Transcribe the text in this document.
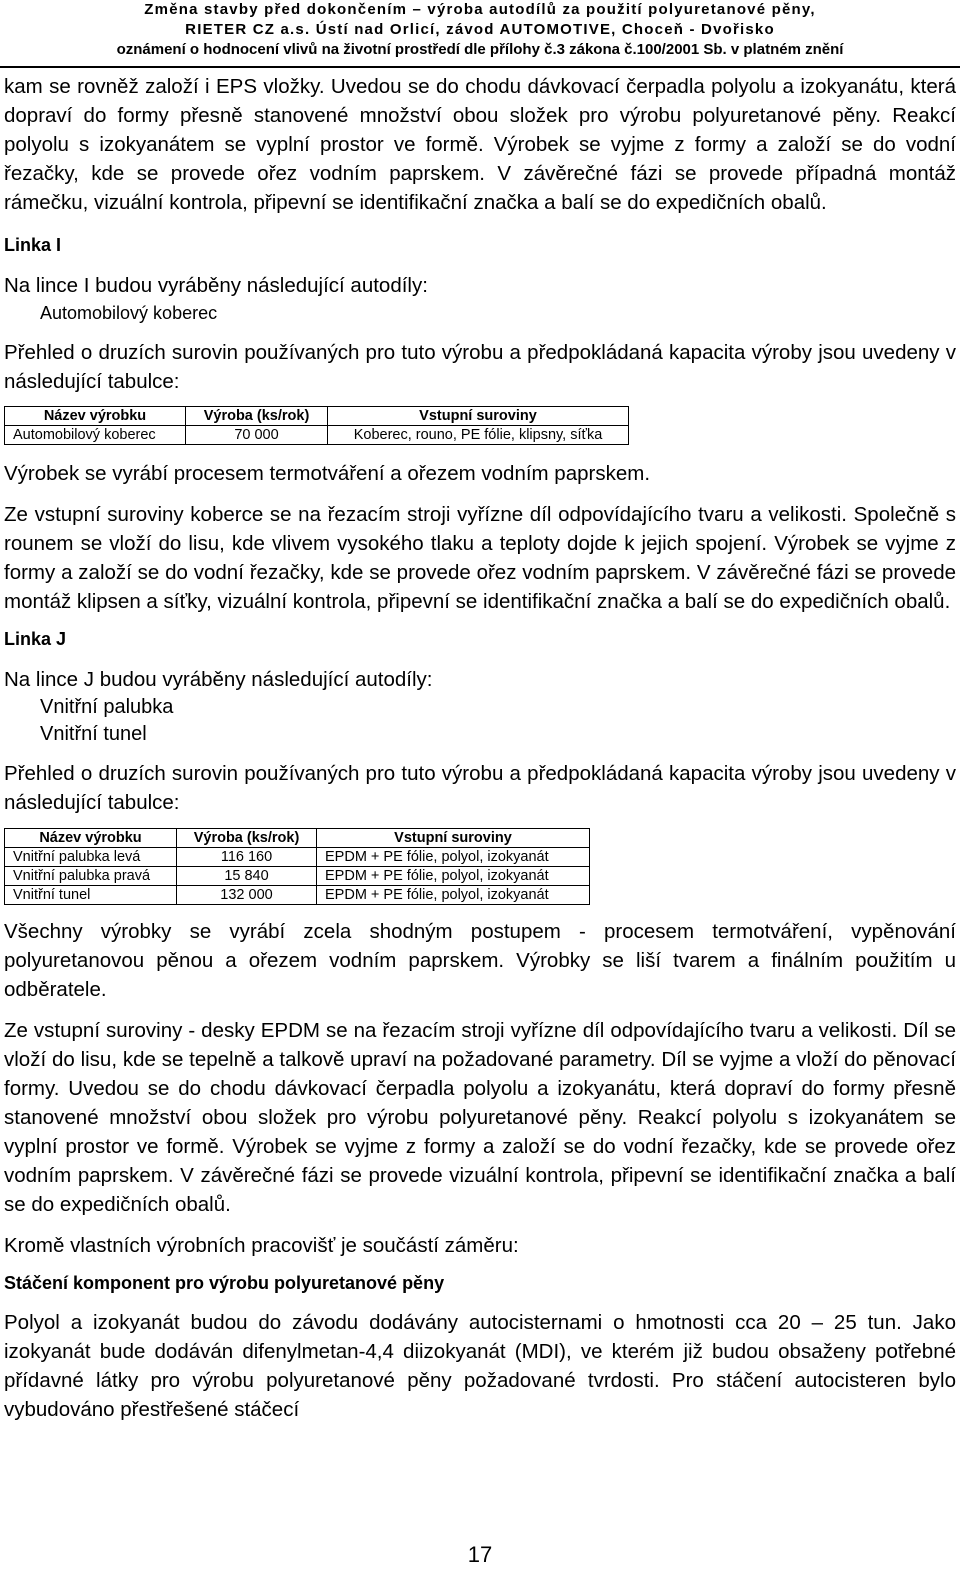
Změna stavby před dokončením – výroba autodílů za použití polyuretanové pěny,
RIETER CZ a.s. Ústí nad Orlicí, závod AUTOMOTIVE, Choceň - Dvořisko
oznámení o hodnocení vlivů na životní prostředí dle přílohy č.3 zákona č.100/2001 Sb. v platném znění

kam se rovněž založí i EPS vložky. Uvedou se do chodu dávkovací čerpadla polyolu a izokyanátu, která dopraví do formy přesně stanovené množství obou složek pro výrobu polyuretanové pěny. Reakcí polyolu s izokyanátem se vyplní prostor ve formě. Výrobek se vyjme z formy a založí se do vodní řezačky, kde se provede ořez vodním paprskem. V závěrečné fázi se provede případná montáž rámečku, vizuální kontrola, připevní se identifikační značka a balí se do expedičních obalů.

Linka I

Na lince I budou vyráběny následující autodíly:

Automobilový koberec

Přehled o druzích surovin používaných pro tuto výrobu a předpokládaná kapacita výroby jsou uvedeny v následující tabulce:

Název výrobku	Výroba (ks/rok)	Vstupní suroviny
Automobilový koberec	70 000	Koberec, rouno, PE fólie, klipsny, síťka

Výrobek se vyrábí procesem termotváření a ořezem vodním paprskem.

Ze vstupní suroviny koberce se na řezacím stroji vyřízne díl odpovídajícího tvaru a velikosti. Společně s rounem se vloží do lisu, kde vlivem vysokého tlaku a teploty dojde k jejich spojení. Výrobek se vyjme z formy a založí se do vodní řezačky, kde se provede ořez vodním paprskem. V závěrečné fázi se provede montáž klipsen a síťky, vizuální kontrola, připevní se identifikační značka a balí se do expedičních obalů.

Linka J

Na lince J budou vyráběny následující autodíly:

Vnitřní palubka
Vnitřní tunel

Přehled o druzích surovin používaných pro tuto výrobu a předpokládaná kapacita výroby jsou uvedeny v následující tabulce:

Název výrobku	Výroba (ks/rok)	Vstupní suroviny
Vnitřní palubka levá	116 160	EPDM + PE fólie, polyol, izokyanát
Vnitřní palubka pravá	15 840	EPDM + PE fólie, polyol, izokyanát
Vnitřní tunel	132 000	EPDM + PE fólie, polyol, izokyanát

Všechny výrobky se vyrábí zcela shodným postupem - procesem termotváření, vypěnování polyuretanovou pěnou a ořezem vodním paprskem. Výrobky se liší tvarem a finálním použitím u odběratele.

Ze vstupní suroviny - desky EPDM se na řezacím stroji vyřízne díl odpovídajícího tvaru a velikosti. Díl se vloží do lisu, kde se tepelně a talkově upraví na požadované parametry. Díl se vyjme a vloží do pěnovací formy. Uvedou se do chodu dávkovací čerpadla polyolu a izokyanátu, která dopraví do formy přesně stanovené množství obou složek pro výrobu polyuretanové pěny. Reakcí polyolu s izokyanátem se vyplní prostor ve formě. Výrobek se vyjme z formy a založí se do vodní řezačky, kde se provede ořez vodním paprskem. V závěrečné fázi se provede vizuální kontrola, připevní se identifikační značka a balí se do expedičních obalů.

Kromě vlastních výrobních pracovišť je součástí záměru:

Stáčení komponent pro výrobu polyuretanové pěny

Polyol a izokyanát budou do závodu dodávány autocisternami o hmotnosti cca 20 – 25 tun. Jako izokyanát bude dodáván difenylmetan-4,4 diizokyanát (MDI), ve kterém již budou obsaženy potřebné přídavné látky pro výrobu polyuretanové pěny požadované tvrdosti. Pro stáčení autocisteren bylo vybudováno přestřešené stáčecí

17
